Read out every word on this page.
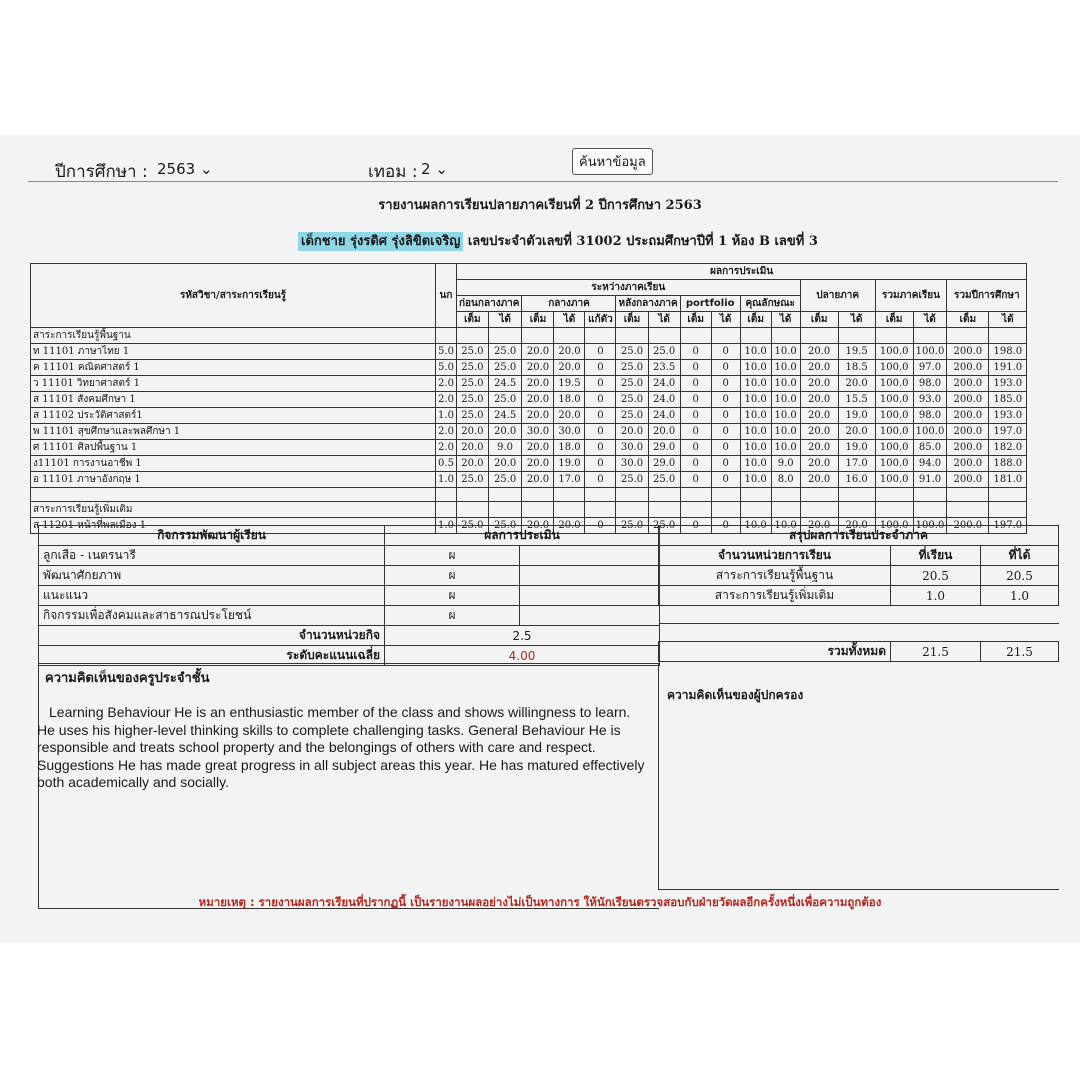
ปีการศึกษา : 2563 ⌄	เทอม : 2 ⌄	ค้นหาข้อมูล
รายงานผลการเรียนปลายภาคเรียนที่ 2 ปีการศึกษา 2563
เด็กชาย รุ่งรดิศ รุ่งลิขิตเจริญ เลขประจำตัวเลขที่ 31002 ประถมศึกษาปีที่ 1 ห้อง B เลขที่ 3
รหัสวิชา/สาระการเรียนรู้	นก	ผลการประเมิน																
		ระหว่างภาคเรียน											ปลายภาค		รวมภาคเรียน		รวมปีการศึกษา	
		ก่อนกลางภาค		กลางภาค			หลังกลางภาค		portfolio		คุณลักษณะ							
		เต็ม	ได้	เต็ม	ได้	แก้ตัว	เต็ม	ได้	เต็ม	ได้	เต็ม	ได้	เต็ม	ได้	เต็ม	ได้	เต็ม	ได้
สาระการเรียนรู้พื้นฐาน																		
ท 11101 ภาษาไทย 1	5.0	25.0	25.0	20.0	20.0	0	25.0	25.0	0	0	10.0	10.0	20.0	19.5	100.0	100.0	200.0	198.0
ค 11101 คณิตศาสตร์ 1	5.0	25.0	25.0	20.0	20.0	0	25.0	23.5	0	0	10.0	10.0	20.0	18.5	100.0	97.0	200.0	191.0
ว 11101 วิทยาศาสตร์ 1	2.0	25.0	24.5	20.0	19.5	0	25.0	24.0	0	0	10.0	10.0	20.0	20.0	100.0	98.0	200.0	193.0
ส 11101 สังคมศึกษา 1	2.0	25.0	25.0	20.0	18.0	0	25.0	24.0	0	0	10.0	10.0	20.0	15.5	100.0	93.0	200.0	185.0
ส 11102 ประวัติศาสตร์1	1.0	25.0	24.5	20.0	20.0	0	25.0	24.0	0	0	10.0	10.0	20.0	19.0	100.0	98.0	200.0	193.0
พ 11101 สุขศึกษาและพลศึกษา 1	2.0	20.0	20.0	30.0	30.0	0	20.0	20.0	0	0	10.0	10.0	20.0	20.0	100.0	100.0	200.0	197.0
ศ 11101 ศิลปพื้นฐาน 1	2.0	20.0	9.0	20.0	18.0	0	30.0	29.0	0	0	10.0	10.0	20.0	19.0	100.0	85.0	200.0	182.0
ง11101 การงานอาชีพ 1	0.5	20.0	20.0	20.0	19.0	0	30.0	29.0	0	0	10.0	9.0	20.0	17.0	100.0	94.0	200.0	188.0
อ 11101 ภาษาอังกฤษ 1	1.0	25.0	25.0	20.0	17.0	0	25.0	25.0	0	0	10.0	8.0	20.0	16.0	100.0	91.0	200.0	181.0

สาระการเรียนรู้เพิ่มเติม																		
ส 11201 หน้าที่พลเมือง 1	1.0	25.0	25.0	20.0	20.0	0	25.0	25.0	0	0	10.0	10.0	20.0	20.0	100.0	100.0	200.0	197.0
กิจกรรมพัฒนาผู้เรียน	ผลการประเมิน	
ลูกเสือ - เนตรนารี	ผ	
พัฒนาศักยภาพ	ผ	
แนะแนว	ผ	
กิจกรรมเพื่อสังคมและสาธารณประโยชน์	ผ	
จำนวนหน่วยกิจ	2.5	
ระดับคะแนนเฉลี่ย	4.00	
สรุปผลการเรียนประจำภาค		
จำนวนหน่วยการเรียน	ที่เรียน	ที่ได้
สาระการเรียนรู้พื้นฐาน	20.5	20.5
สาระการเรียนรู้เพิ่มเติม	1.0	1.0

รวมทั้งหมด	21.5	21.5
ความคิดเห็นของครูประจำชั้น
Learning Behaviour He is an enthusiastic member of the class and shows willingness to learn. He uses his higher-level thinking skills to complete challenging tasks. General Behaviour He is responsible and treats school property and the belongings of others with care and respect. Suggestions He has made great progress in all subject areas this year. He has matured effectively both academically and socially.
ความคิดเห็นของผู้ปกครอง
หมายเหตุ : รายงานผลการเรียนที่ปรากฏนี้ เป็นรายงานผลอย่างไม่เป็นทางการ ให้นักเรียนตรวจสอบกับฝ่ายวัดผลอีกครั้งหนึ่งเพื่อความถูกต้อง
